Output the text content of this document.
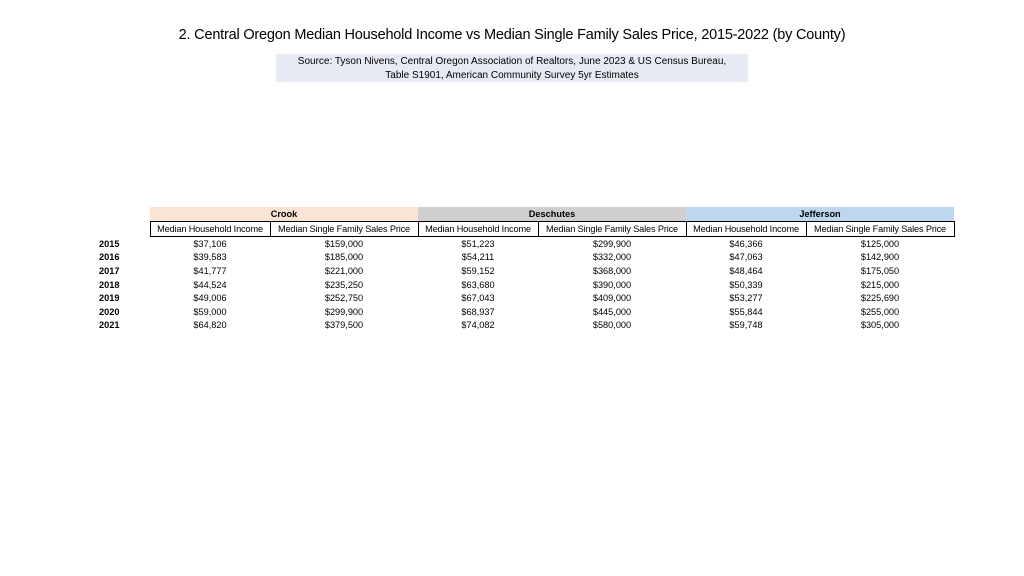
2. Central Oregon Median Household Income vs Median Single Family Sales Price, 2015-2022 (by County)
Source: Tyson Nivens, Central Oregon Association of Realtors, June 2023 & US Census Bureau,
Table S1901, American Community Survey 5yr Estimates
	Crook		Deschutes		Jefferson	
	Median Household Income	Median Single Family Sales Price	Median Household Income	Median Single Family Sales Price	Median Household Income	Median Single Family Sales Price
2015	$37,106	$159,000	$51,223	$299,900	$46,366	$125,000
2016	$39,583	$185,000	$54,211	$332,000	$47,063	$142,900
2017	$41,777	$221,000	$59,152	$368,000	$48,464	$175,050
2018	$44,524	$235,250	$63,680	$390,000	$50,339	$215,000
2019	$49,006	$252,750	$67,043	$409,000	$53,277	$225,690
2020	$59,000	$299,900	$68,937	$445,000	$55,844	$255,000
2021	$64,820	$379,500	$74,082	$580,000	$59,748	$305,000
